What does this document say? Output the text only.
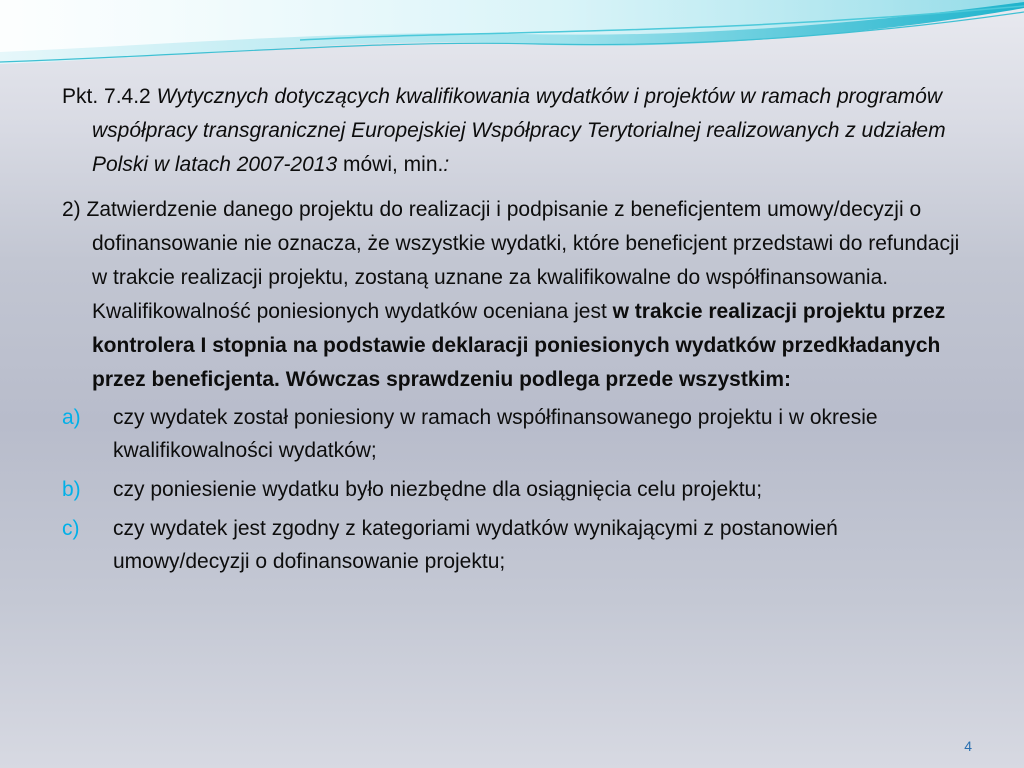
Pkt. 7.4.2 Wytycznych dotyczących kwalifikowania wydatków i projektów w ramach programów współpracy transgranicznej Europejskiej Współpracy Terytorialnej realizowanych z udziałem Polski w latach 2007-2013 mówi, min.:

2) Zatwierdzenie danego projektu do realizacji i podpisanie z beneficjentem umowy/decyzji o dofinansowanie nie oznacza, że wszystkie wydatki, które beneficjent przedstawi do refundacji w trakcie realizacji projektu, zostaną uznane za kwalifikowalne do współfinansowania. Kwalifikowalność poniesionych wydatków oceniana jest w trakcie realizacji projektu przez kontrolera I stopnia na podstawie deklaracji poniesionych wydatków przedkładanych przez beneficjenta. Wówczas sprawdzeniu podlega przede wszystkim:

a) czy wydatek został poniesiony w ramach współfinansowanego projektu i w okresie kwalifikowalności wydatków;
b) czy poniesienie wydatku było niezbędne dla osiągnięcia celu projektu;
c) czy wydatek jest zgodny z kategoriami wydatków wynikającymi z postanowień umowy/decyzji o dofinansowanie projektu;
4
